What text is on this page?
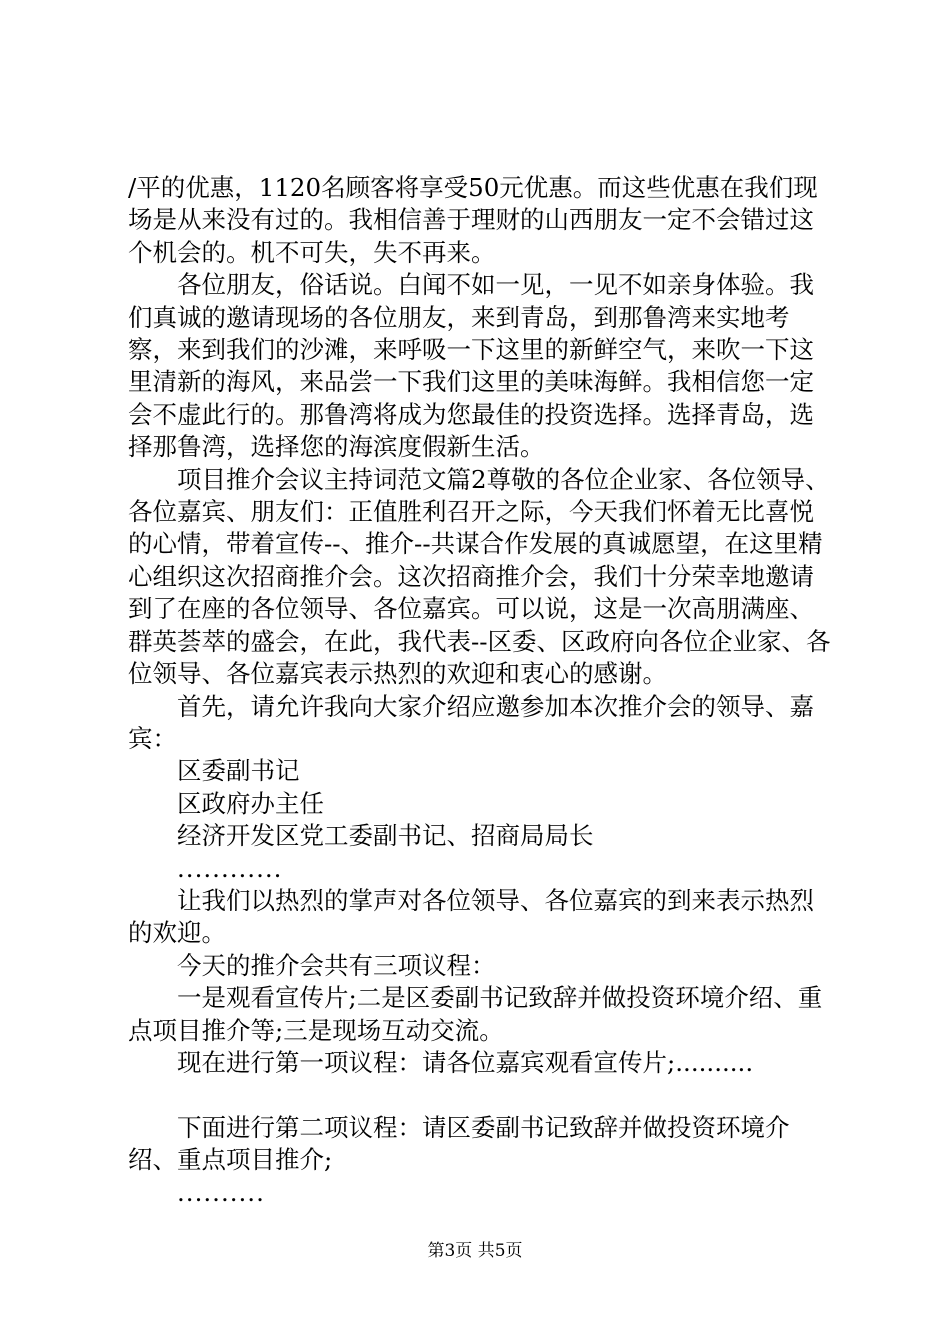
/平的优惠，1120名顾客将享受50元优惠。而这些优惠在我们现场是从来没有过的。我相信善于理财的山西朋友一定不会错过这个机会的。机不可失，失不再来。

各位朋友，俗话说。白闻不如一见，一见不如亲身体验。我们真诚的邀请现场的各位朋友，来到青岛，到那鲁湾来实地考察，来到我们的沙滩，来呼吸一下这里的新鲜空气，来吹一下这里清新的海风，来品尝一下我们这里的美味海鲜。我相信您一定会不虚此行的。那鲁湾将成为您最佳的投资选择。选择青岛，选择那鲁湾，选择您的海滨度假新生活。

项目推介会议主持词范文篇2尊敬的各位企业家、各位领导、各位嘉宾、朋友们：正值胜利召开之际，今天我们怀着无比喜悦的心情，带着宣传--、推介--共谋合作发展的真诚愿望，在这里精心组织这次招商推介会。这次招商推介会，我们十分荣幸地邀请到了在座的各位领导、各位嘉宾。可以说，这是一次高朋满座、群英荟萃的盛会，在此，我代表--区委、区政府向各位企业家、各位领导、各位嘉宾表示热烈的欢迎和衷心的感谢。

首先，请允许我向大家介绍应邀参加本次推介会的领导、嘉宾：

区委副书记

区政府办主任

经济开发区党工委副书记、招商局局长

............

让我们以热烈的掌声对各位领导、各位嘉宾的到来表示热烈的欢迎。

今天的推介会共有三项议程：

一是观看宣传片;二是区委副书记致辞并做投资环境介绍、重点项目推介等;三是现场互动交流。

现在进行第一项议程：请各位嘉宾观看宣传片;..........

下面进行第二项议程：请区委副书记致辞并做投资环境介绍、重点项目推介;

..........

第3页 共5页
